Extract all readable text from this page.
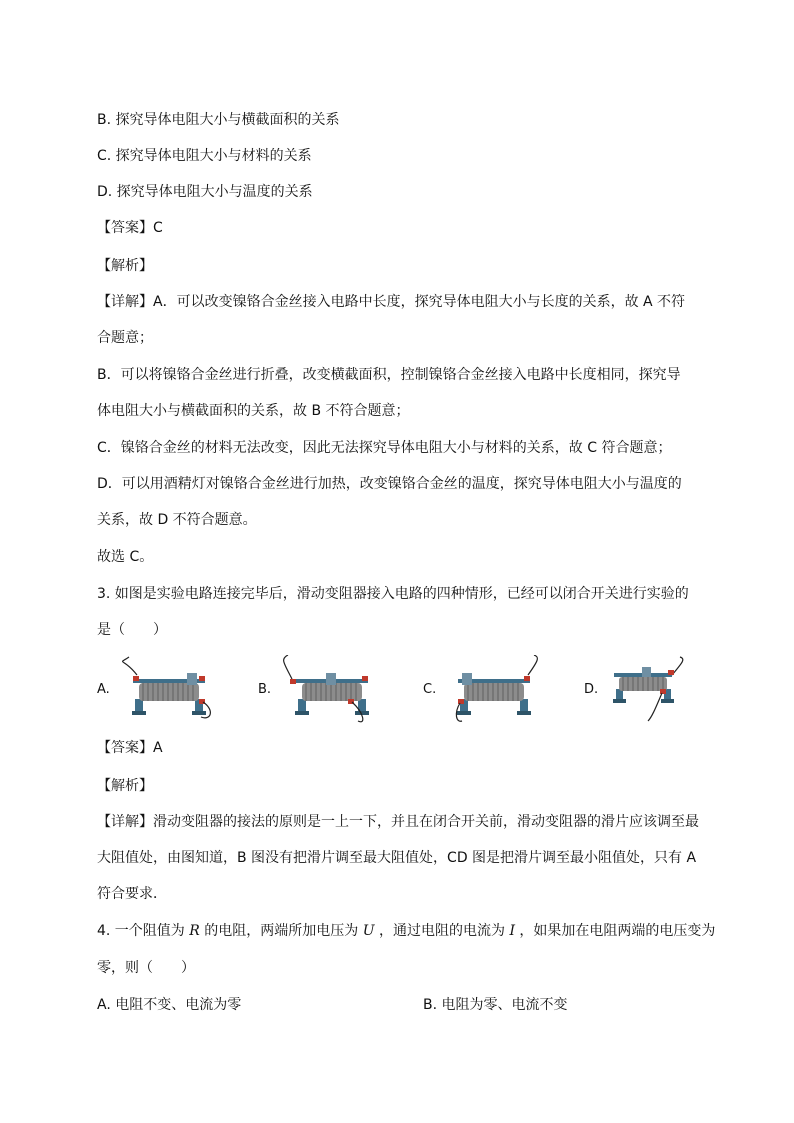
B. 探究导体电阻大小与横截面积的关系
C. 探究导体电阻大小与材料的关系
D. 探究导体电阻大小与温度的关系
【答案】C
【解析】
【详解】A．可以改变镍铬合金丝接入电路中长度，探究导体电阻大小与长度的关系，故 A 不符
合题意；
B．可以将镍铬合金丝进行折叠，改变横截面积，控制镍铬合金丝接入电路中长度相同，探究导
体电阻大小与横截面积的关系，故 B 不符合题意；
C．镍铬合金丝的材料无法改变，因此无法探究导体电阻大小与材料的关系，故 C 符合题意；
D．可以用酒精灯对镍铬合金丝进行加热，改变镍铬合金丝的温度，探究导体电阻大小与温度的
关系，故 D 不符合题意。
故选 C。
3. 如图是实验电路连接完毕后，滑动变阻器接入电路的四种情形，已经可以闭合开关进行实验的
是（　　）
A.	B.	C.	D.
【答案】A
【解析】
【详解】滑动变阻器的接法的原则是一上一下，并且在闭合开关前，滑动变阻器的滑片应该调至最
大阻值处，由图知道，B 图没有把滑片调至最大阻值处，CD 图是把滑片调至最小阻值处，只有 A
符合要求．
4. 一个阻值为 R 的电阻，两端所加电压为 U ，通过电阻的电流为 I ，如果加在电阻两端的电压变为
零，则（　　）
A. 电阻不变、电流为零	B. 电阻为零、电流不变
